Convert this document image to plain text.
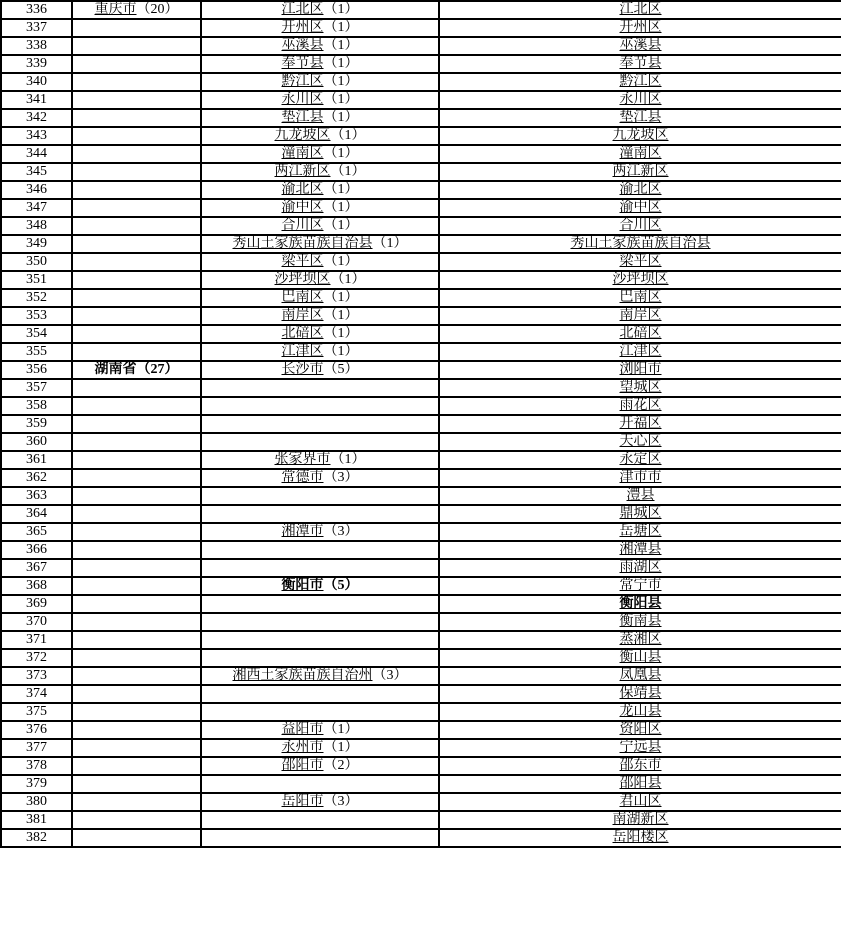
336	重庆市（20）	江北区（1）	江北区
337		开州区（1）	开州区
338		巫溪县（1）	巫溪县
339		奉节县（1）	奉节县
340		黔江区（1）	黔江区
341		永川区（1）	永川区
342		垫江县（1）	垫江县
343		九龙坡区（1）	九龙坡区
344		潼南区（1）	潼南区
345		两江新区（1）	两江新区
346		渝北区（1）	渝北区
347		渝中区（1）	渝中区
348		合川区（1）	合川区
349		秀山土家族苗族自治县（1）	秀山土家族苗族自治县
350		梁平区（1）	梁平区
351		沙坪坝区（1）	沙坪坝区
352		巴南区（1）	巴南区
353		南岸区（1）	南岸区
354		北碚区（1）	北碚区
355		江津区（1）	江津区
356	湖南省（27）	长沙市（5）	浏阳市
357			望城区
358			雨花区
359			开福区
360			天心区
361		张家界市（1）	永定区
362		常德市（3）	津市市
363			澧县
364			鼎城区
365		湘潭市（3）	岳塘区
366			湘潭县
367			雨湖区
368		衡阳市（5）	常宁市
369			衡阳县
370			衡南县
371			蒸湘区
372			衡山县
373		湘西土家族苗族自治州（3）	凤凰县
374			保靖县
375			龙山县
376		益阳市（1）	资阳区
377		永州市（1）	宁远县
378		邵阳市（2）	邵东市
379			邵阳县
380		岳阳市（3）	君山区
381			南湖新区
382			岳阳楼区
